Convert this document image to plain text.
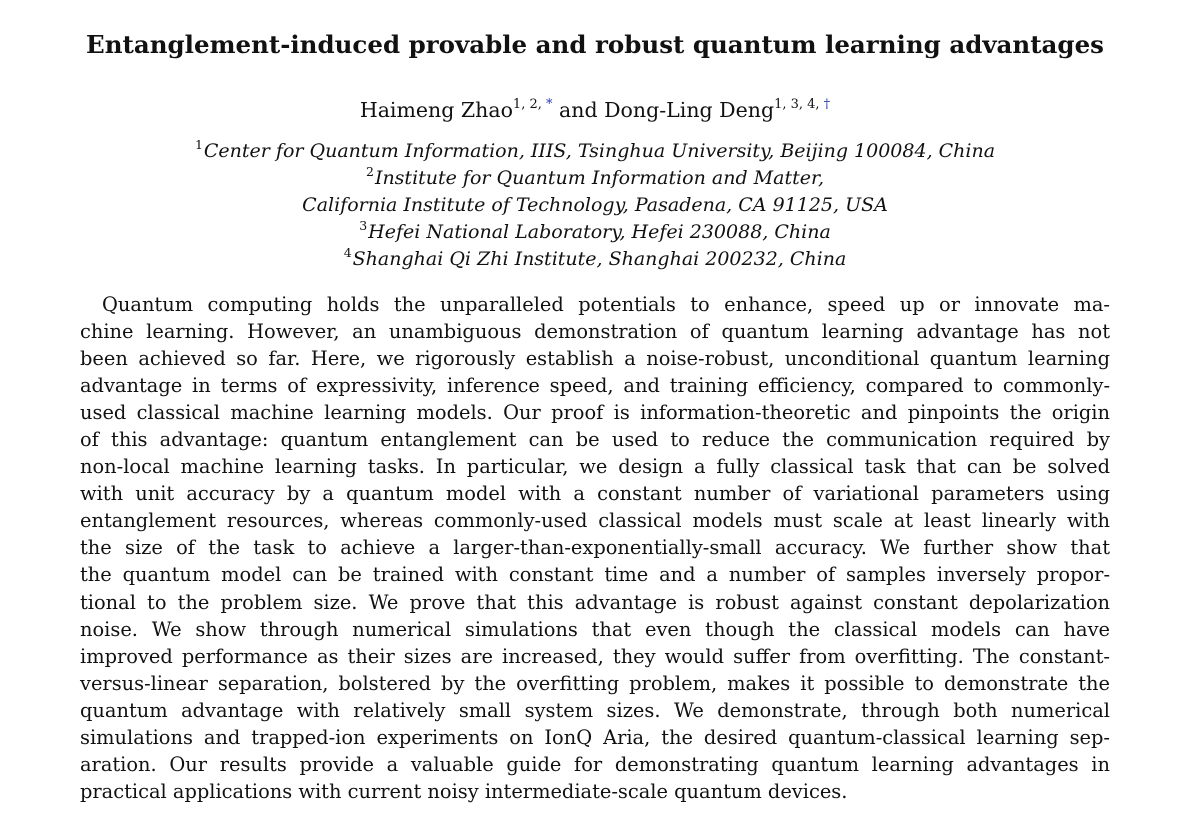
Entanglement-induced provable and robust quantum learning advantages
Haimeng Zhao$^{1, 2, *}$ and Dong-Ling Deng$^{1, 3, 4, \dagger}$
$^1$Center for Quantum Information, IIIS, Tsinghua University, Beijing 100084, China
$^2$Institute for Quantum Information and Matter,
California Institute of Technology, Pasadena, CA 91125, USA
$^3$Hefei National Laboratory, Hefei 230088, China
$^4$Shanghai Qi Zhi Institute, Shanghai 200232, China
Quantum computing holds the unparalleled potentials to enhance, speed up or innovate ma-
chine learning. However, an unambiguous demonstration of quantum learning advantage has not
been achieved so far. Here, we rigorously establish a noise-robust, unconditional quantum learning
advantage in terms of expressivity, inference speed, and training efficiency, compared to commonly-
used classical machine learning models. Our proof is information-theoretic and pinpoints the origin
of this advantage: quantum entanglement can be used to reduce the communication required by
non-local machine learning tasks. In particular, we design a fully classical task that can be solved
with unit accuracy by a quantum model with a constant number of variational parameters using
entanglement resources, whereas commonly-used classical models must scale at least linearly with
the size of the task to achieve a larger-than-exponentially-small accuracy. We further show that
the quantum model can be trained with constant time and a number of samples inversely propor-
tional to the problem size. We prove that this advantage is robust against constant depolarization
noise. We show through numerical simulations that even though the classical models can have
improved performance as their sizes are increased, they would suffer from overfitting. The constant-
versus-linear separation, bolstered by the overfitting problem, makes it possible to demonstrate the
quantum advantage with relatively small system sizes. We demonstrate, through both numerical
simulations and trapped-ion experiments on IonQ Aria, the desired quantum-classical learning sep-
aration. Our results provide a valuable guide for demonstrating quantum learning advantages in
practical applications with current noisy intermediate-scale quantum devices.
